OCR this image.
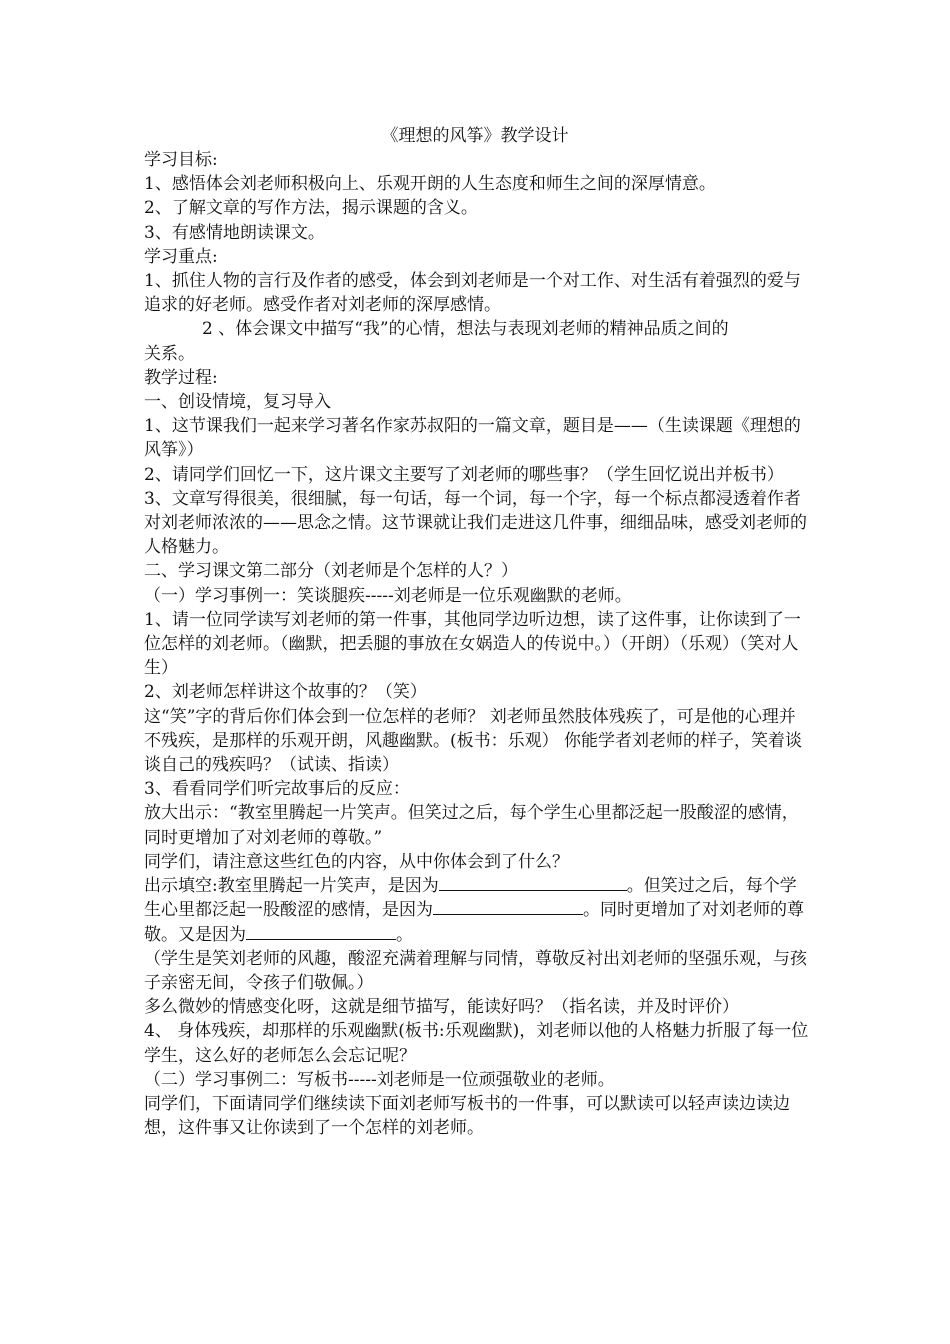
《理想的风筝》教学设计

学习目标:

1、感悟体会刘老师积极向上、乐观开朗的人生态度和师生之间的深厚情意。

2、了解文章的写作方法，揭示课题的含义。

3、有感情地朗读课文。

学习重点:

1、抓住人物的言行及作者的感受，体会到刘老师是一个对工作、对生活有着强烈的爱与追求的好老师。感受作者对刘老师的深厚感情。

2 、体会课文中描写“我”的心情，想法与表现刘老师的精神品质之间的

关系。

教学过程:

一、创设情境，复习导入

1、这节课我们一起来学习著名作家苏叔阳的一篇文章，题目是——（生读课题《理想的风筝》）

2、请同学们回忆一下，这片课文主要写了刘老师的哪些事？（学生回忆说出并板书）

3、文章写得很美，很细腻，每一句话，每一个词，每一个字，每一个标点都浸透着作者对刘老师浓浓的——思念之情。这节课就让我们走进这几件事，细细品味，感受刘老师的人格魅力。

二、学习课文第二部分（刘老师是个怎样的人？）

（一）学习事例一：笑谈腿疾-----刘老师是一位乐观幽默的老师。

1、请一位同学读写刘老师的第一件事，其他同学边听边想，读了这件事，让你读到了一位怎样的刘老师。（幽默，把丢腿的事放在女娲造人的传说中。）（开朗）（乐观）（笑对人生）

2、刘老师怎样讲这个故事的？（笑）

这“笑”字的背后你们体会到一位怎样的老师？ 刘老师虽然肢体残疾了，可是他的心理并不残疾，是那样的乐观开朗，风趣幽默。(板书：乐观） 你能学者刘老师的样子，笑着谈谈自己的残疾吗？（试读、指读）

3、看看同学们听完故事后的反应：

放大出示：“教室里腾起一片笑声。但笑过之后，每个学生心里都泛起一股酸涩的感情，同时更增加了对刘老师的尊敬。”

同学们，请注意这些红色的内容，从中你体会到了什么？

出示填空:教室里腾起一片笑声，是因为	。但笑过之后，每个学生心里都泛起一股酸涩的感情，是因为	。同时更增加了对刘老师的尊敬。又是因为	。

（学生是笑刘老师的风趣，酸涩充满着理解与同情，尊敬反衬出刘老师的坚强乐观，与孩子亲密无间，令孩子们敬佩。）

多么微妙的情感变化呀，这就是细节描写，能读好吗？（指名读，并及时评价）

4、 身体残疾，却那样的乐观幽默(板书:乐观幽默)，刘老师以他的人格魅力折服了每一位学生，这么好的老师怎么会忘记呢？

（二）学习事例二：写板书-----刘老师是一位顽强敬业的老师。

同学们，下面请同学们继续读下面刘老师写板书的一件事，可以默读可以轻声读边读边想，这件事又让你读到了一个怎样的刘老师。
